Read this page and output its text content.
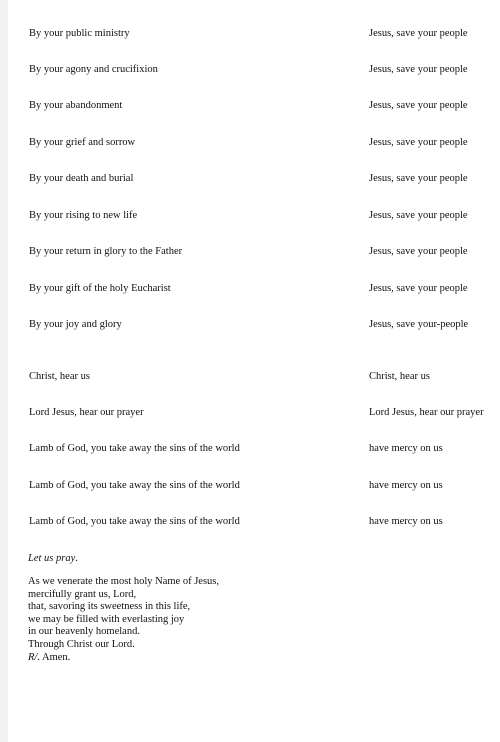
By your public ministry	Jesus, save your people
By your agony and crucifixion	Jesus, save your people
By your abandonment	Jesus, save your people
By your grief and sorrow	Jesus, save your people
By your death and burial	Jesus, save your people
By your rising to new life	Jesus, save your people
By your return in glory to the Father	Jesus, save your people
By your gift of the holy Eucharist	Jesus, save your people
By your joy and glory	Jesus, save your-people
Christ, hear us	Christ, hear us
Lord Jesus, hear our prayer	Lord Jesus, hear our prayer
Lamb of God, you take away the sins of the world	have mercy on us
Lamb of God, you take away the sins of the world	have mercy on us
Lamb of God, you take away the sins of the world	have mercy on us
Let us pray.
As we venerate the most holy Name of Jesus,
mercifully grant us, Lord,
that, savoring its sweetness in this life,
we may be filled with everlasting joy
in our heavenly homeland.
Through Christ our Lord.
R/. Amen.
